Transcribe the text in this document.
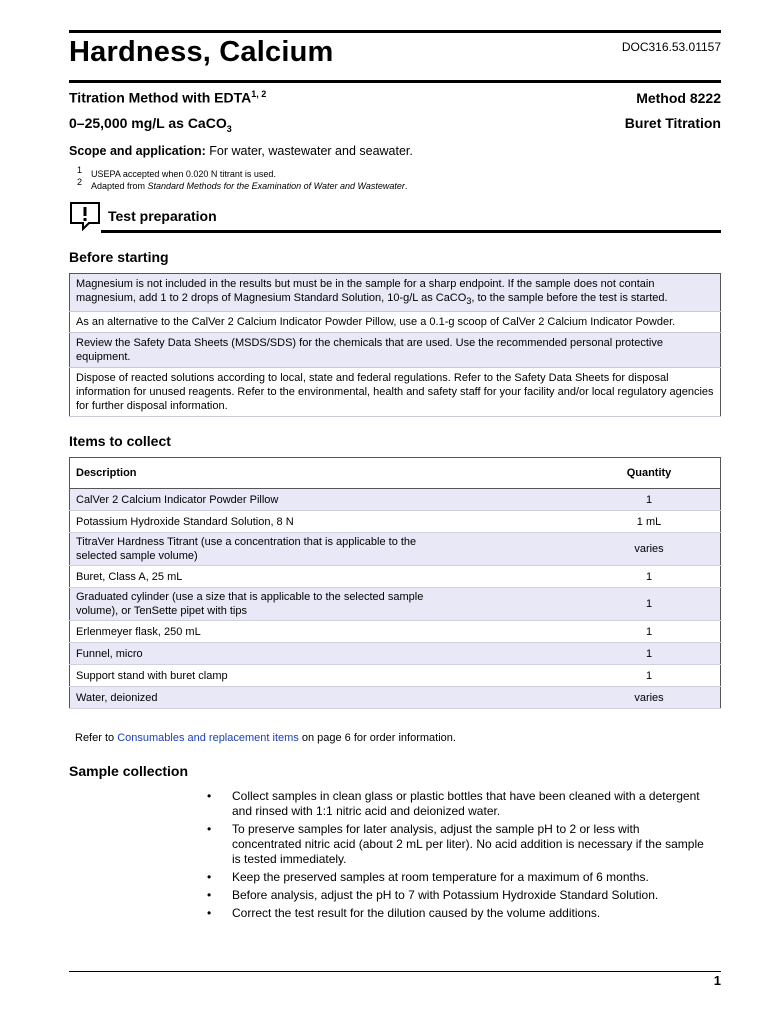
Hardness, Calcium	DOC316.53.01157
Titration Method with EDTA$^{1, 2}$	Method 8222
0–25,000 mg/L as CaCO$_3$	Buret Titration
Scope and application: For water, wastewater and seawater.
$^1$ USEPA accepted when 0.020 N titrant is used.
$^2$ Adapted from Standard Methods for the Examination of Water and Wastewater.
Test preparation
Before starting
Magnesium is not included in the results but must be in the sample for a sharp endpoint. If the sample does not contain magnesium, add 1 to 2 drops of Magnesium Standard Solution, 10-g/L as CaCO$_3$, to the sample before the test is started.
As an alternative to the CalVer 2 Calcium Indicator Powder Pillow, use a 0.1-g scoop of CalVer 2 Calcium Indicator Powder.
Review the Safety Data Sheets (MSDS/SDS) for the chemicals that are used. Use the recommended personal protective equipment.
Dispose of reacted solutions according to local, state and federal regulations. Refer to the Safety Data Sheets for disposal information for unused reagents. Refer to the environmental, health and safety staff for your facility and/or local regulatory agencies for further disposal information.
Items to collect
Description	Quantity
CalVer 2 Calcium Indicator Powder Pillow	1
Potassium Hydroxide Standard Solution, 8 N	1 mL
TitraVer Hardness Titrant (use a concentration that is applicable to the selected sample volume)	varies
Buret, Class A, 25 mL	1
Graduated cylinder (use a size that is applicable to the selected sample volume), or TenSette pipet with tips	1
Erlenmeyer flask, 250 mL	1
Funnel, micro	1
Support stand with buret clamp	1
Water, deionized	varies
Refer to Consumables and replacement items on page 6 for order information.
Sample collection
• Collect samples in clean glass or plastic bottles that have been cleaned with a detergent and rinsed with 1:1 nitric acid and deionized water.
• To preserve samples for later analysis, adjust the sample pH to 2 or less with concentrated nitric acid (about 2 mL per liter). No acid addition is necessary if the sample is tested immediately.
• Keep the preserved samples at room temperature for a maximum of 6 months.
• Before analysis, adjust the pH to 7 with Potassium Hydroxide Standard Solution.
• Correct the test result for the dilution caused by the volume additions.
1
